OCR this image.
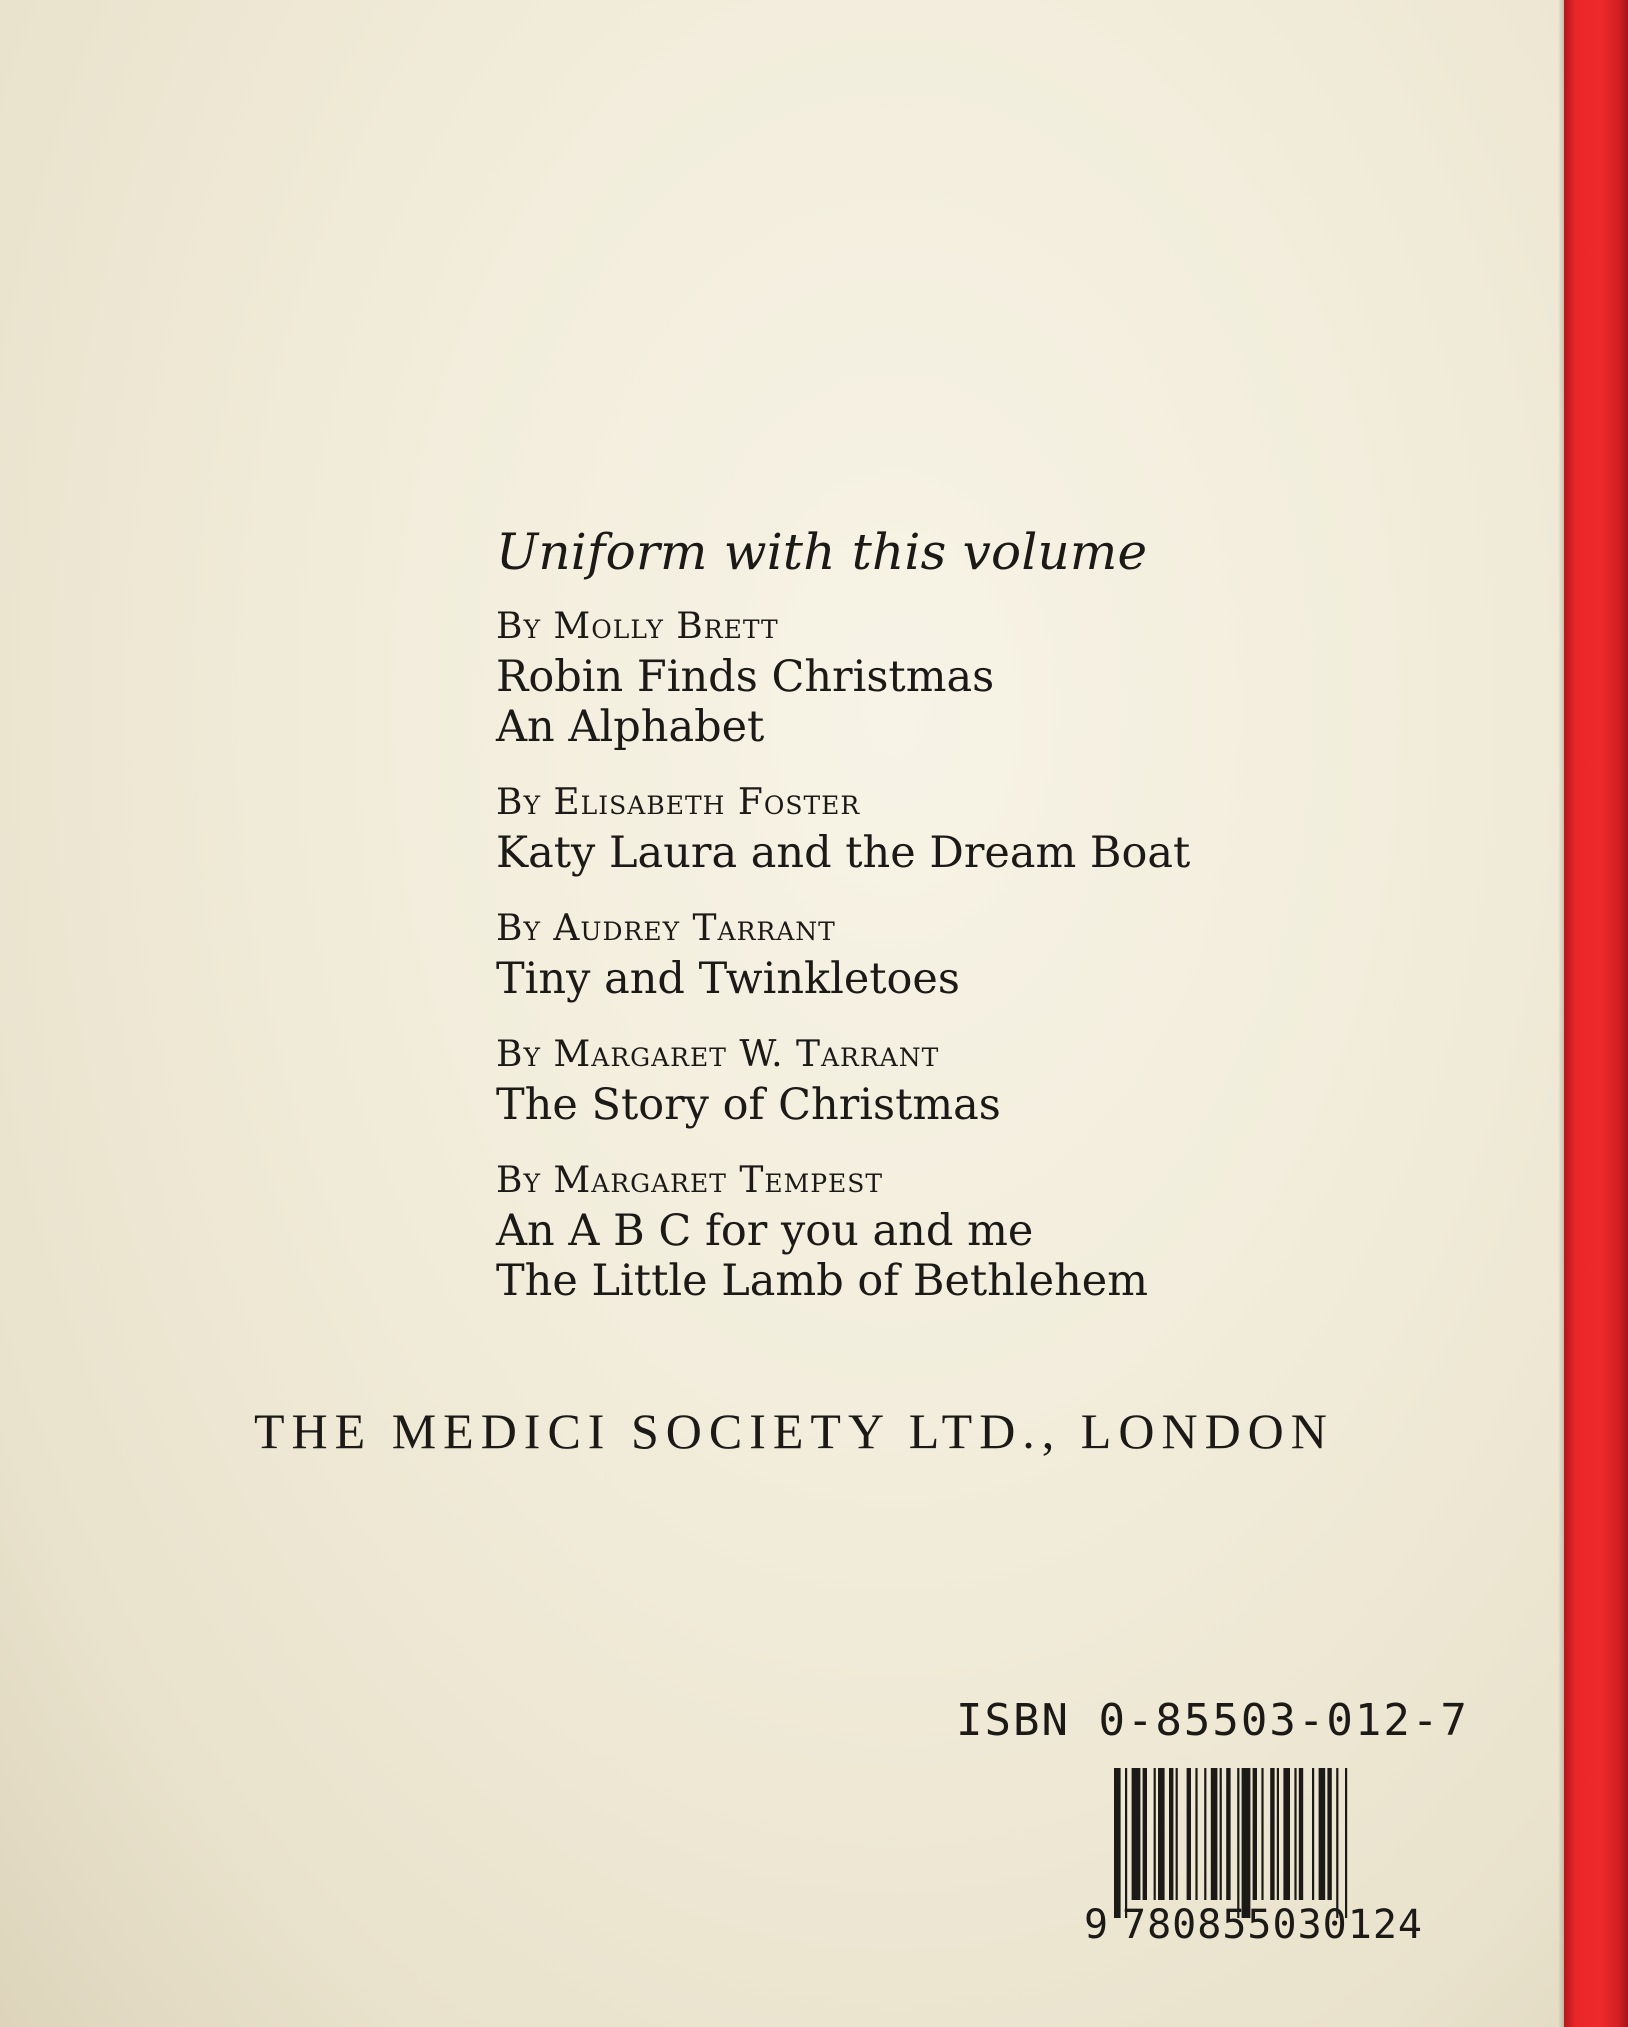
Uniform with this volume
By Molly Brett
Robin Finds Christmas
An Alphabet
By Elisabeth Foster
Katy Laura and the Dream Boat
By Audrey Tarrant
Tiny and Twinkletoes
By Margaret W. Tarrant
The Story of Christmas
By Margaret Tempest
An A B C for you and me
The Little Lamb of Bethlehem
THE MEDICI SOCIETY LTD., LONDON
ISBN 0-85503-012-7
9 780855030124
